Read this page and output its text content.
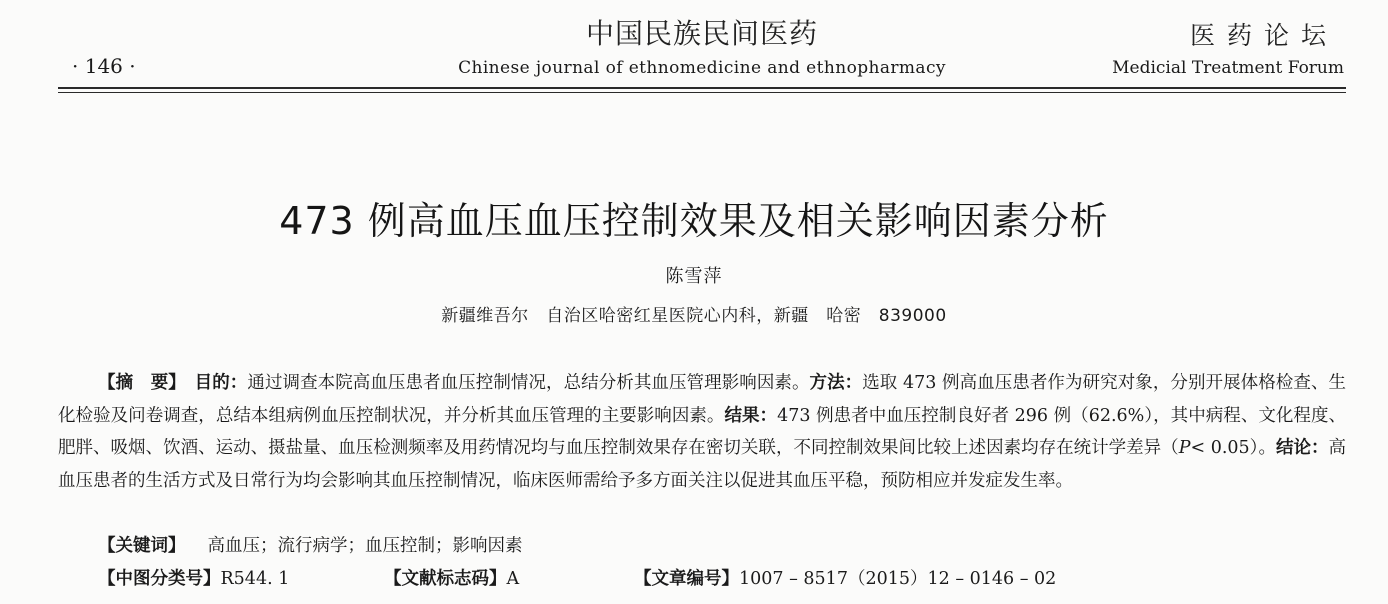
中国民族民间医药	医药论坛
· 146 ·	Chinese journal of ethnomedicine and ethnopharmacy	Medicial Treatment Forum
473 例高血压血压控制效果及相关影响因素分析
陈雪萍
新疆维吾尔　自治区哈密红星医院心内科，新疆　哈密　839000

【摘　要】　 目的：通过调查本院高血压患者血压控制情况，总结分析其血压管理影响因素。方法：选取 473 例高血压患者作为研究对象，分别开展体格检查、生化检验及问卷调查，总结本组病例血压控制状况，并分析其血压管理的主要影响因素。结果：473 例患者中血压控制良好者 296 例（62.6%），其中病程、文化程度、肥胖、吸烟、饮酒、运动、摄盐量、血压检测频率及用药情况均与血压控制效果存在密切关联，不同控制效果间比较上述因素均存在统计学差异（P< 0.05）。结论：高血压患者的生活方式及日常行为均会影响其血压控制情况，临床医师需给予多方面关注以促进其血压平稳，预防相应并发症发生率。

【关键词】 高血压；流行病学；血压控制；影响因素
【中图分类号】R544. 1	【文献标志码】A	【文章编号】1007 – 8517（2015）12 – 0146 – 02
